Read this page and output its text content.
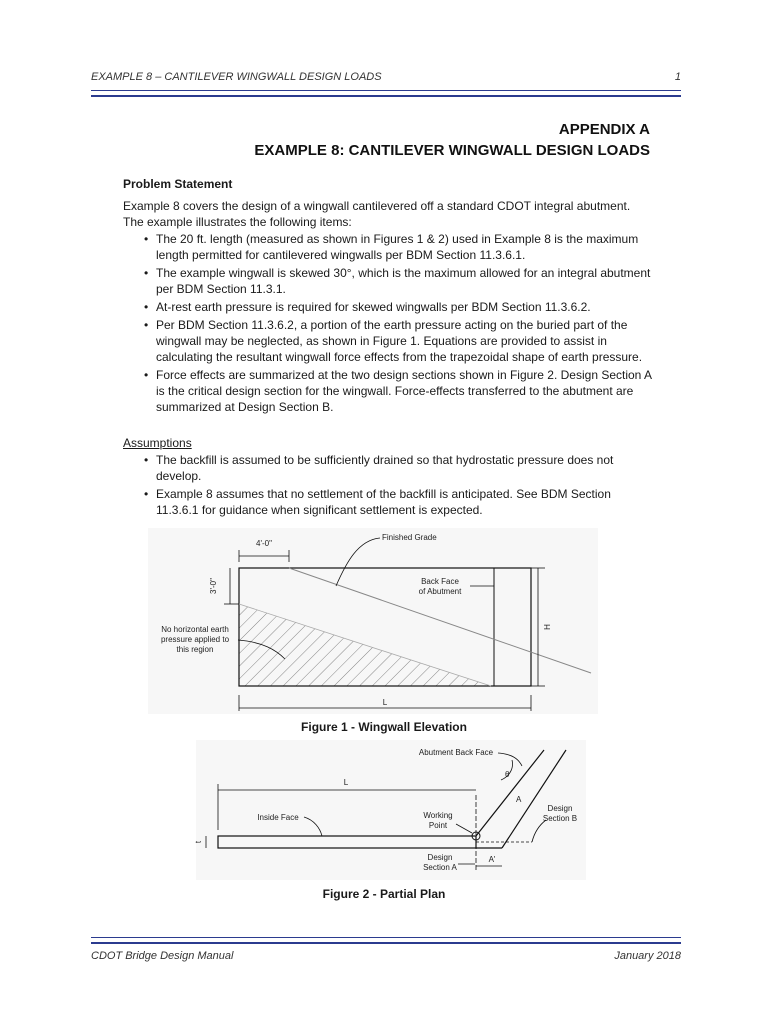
EXAMPLE 8 – CANTILEVER WINGWALL DESIGN LOADS	1
APPENDIX A
EXAMPLE 8: CANTILEVER WINGWALL DESIGN LOADS
Problem Statement
Example 8 covers the design of a wingwall cantilevered off a standard CDOT integral abutment.
The example illustrates the following items:
• The 20 ft. length (measured as shown in Figures 1 & 2) used in Example 8 is the maximum length permitted for cantilevered wingwalls per BDM Section 11.3.6.1.
• The example wingwall is skewed 30°, which is the maximum allowed for an integral abutment per BDM Section 11.3.1.
• At-rest earth pressure is required for skewed wingwalls per BDM Section 11.3.6.2.
• Per BDM Section 11.3.6.2, a portion of the earth pressure acting on the buried part of the wingwall may be neglected, as shown in Figure 1. Equations are provided to assist in calculating the resultant wingwall force effects from the trapezoidal shape of earth pressure.
• Force effects are summarized at the two design sections shown in Figure 2. Design Section A is the critical design section for the wingwall. Force-effects transferred to the abutment are summarized at Design Section B.
Assumptions
• The backfill is assumed to be sufficiently drained so that hydrostatic pressure does not develop.
• Example 8 assumes that no settlement of the backfill is anticipated. See BDM Section 11.3.6.1 for guidance when significant settlement is expected.
4'-0"
3'-0"
H
L
Finished Grade
Back Face
of Abutment
No horizontal earth
pressure applied to
this region
Figure 1 - Wingwall Elevation
L
t
A'
θ
A
Abutment Back Face
Inside Face	Working
Point
Design
Section B
Design
Section A
Figure 2 - Partial Plan
CDOT Bridge Design Manual	January 2018
